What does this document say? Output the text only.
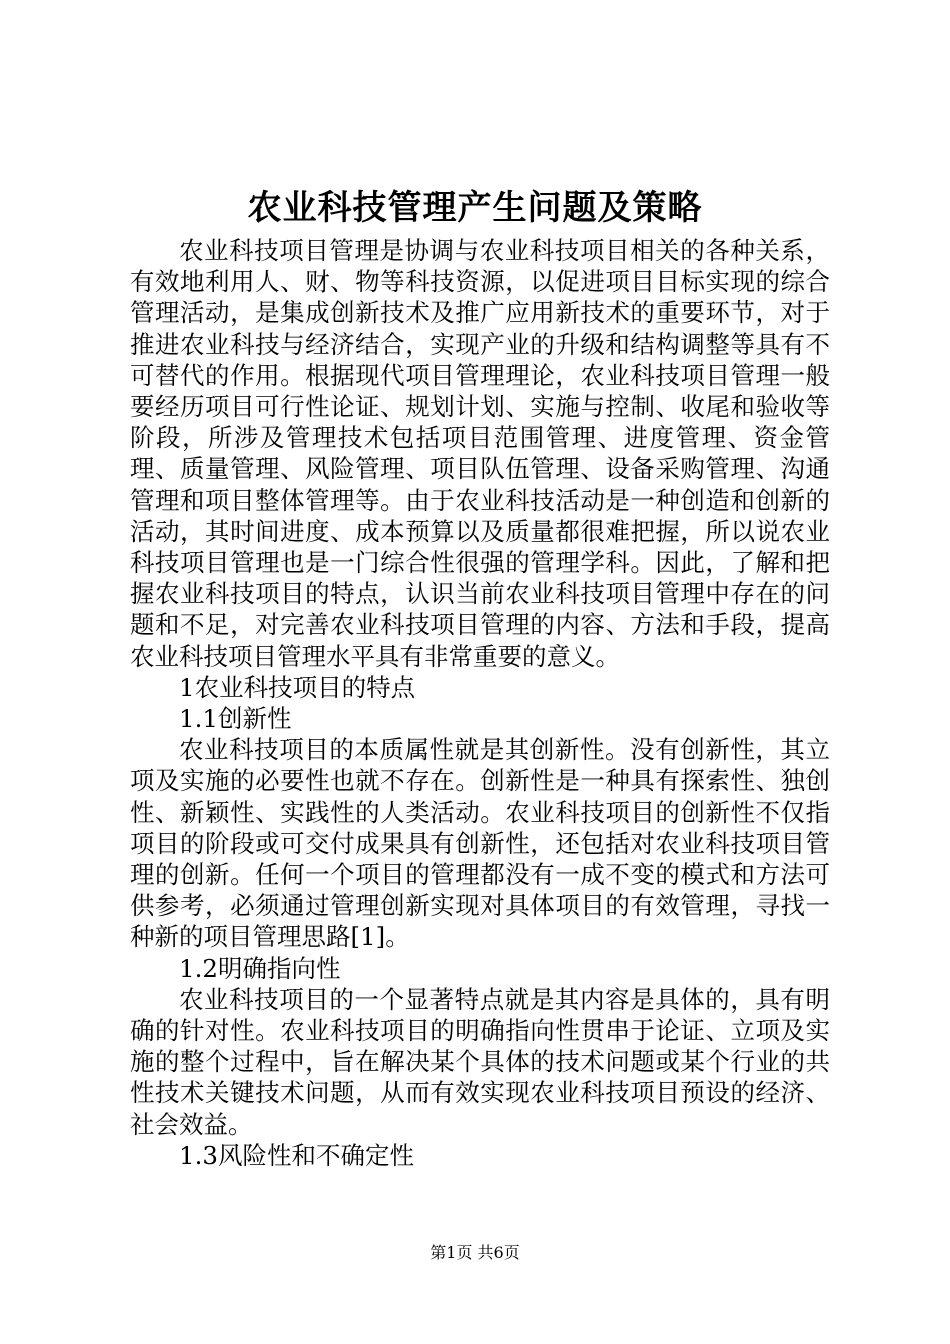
农业科技管理产生问题及策略

农业科技项目管理是协调与农业科技项目相关的各种关系，有效地利用人、财、物等科技资源，以促进项目目标实现的综合管理活动，是集成创新技术及推广应用新技术的重要环节，对于推进农业科技与经济结合，实现产业的升级和结构调整等具有不可替代的作用。根据现代项目管理理论，农业科技项目管理一般要经历项目可行性论证、规划计划、实施与控制、收尾和验收等阶段，所涉及管理技术包括项目范围管理、进度管理、资金管理、质量管理、风险管理、项目队伍管理、设备采购管理、沟通管理和项目整体管理等。由于农业科技活动是一种创造和创新的活动，其时间进度、成本预算以及质量都很难把握，所以说农业科技项目管理也是一门综合性很强的管理学科。因此，了解和把握农业科技项目的特点，认识当前农业科技项目管理中存在的问题和不足，对完善农业科技项目管理的内容、方法和手段，提高农业科技项目管理水平具有非常重要的意义。

1农业科技项目的特点

1.1创新性

农业科技项目的本质属性就是其创新性。没有创新性，其立项及实施的必要性也就不存在。创新性是一种具有探索性、独创性、新颖性、实践性的人类活动。农业科技项目的创新性不仅指项目的阶段或可交付成果具有创新性，还包括对农业科技项目管理的创新。任何一个项目的管理都没有一成不变的模式和方法可供参考，必须通过管理创新实现对具体项目的有效管理，寻找一种新的项目管理思路[1]。

1.2明确指向性

农业科技项目的一个显著特点就是其内容是具体的，具有明确的针对性。农业科技项目的明确指向性贯串于论证、立项及实施的整个过程中，旨在解决某个具体的技术问题或某个行业的共性技术关键技术问题，从而有效实现农业科技项目预设的经济、社会效益。

1.3风险性和不确定性

第1页 共6页
